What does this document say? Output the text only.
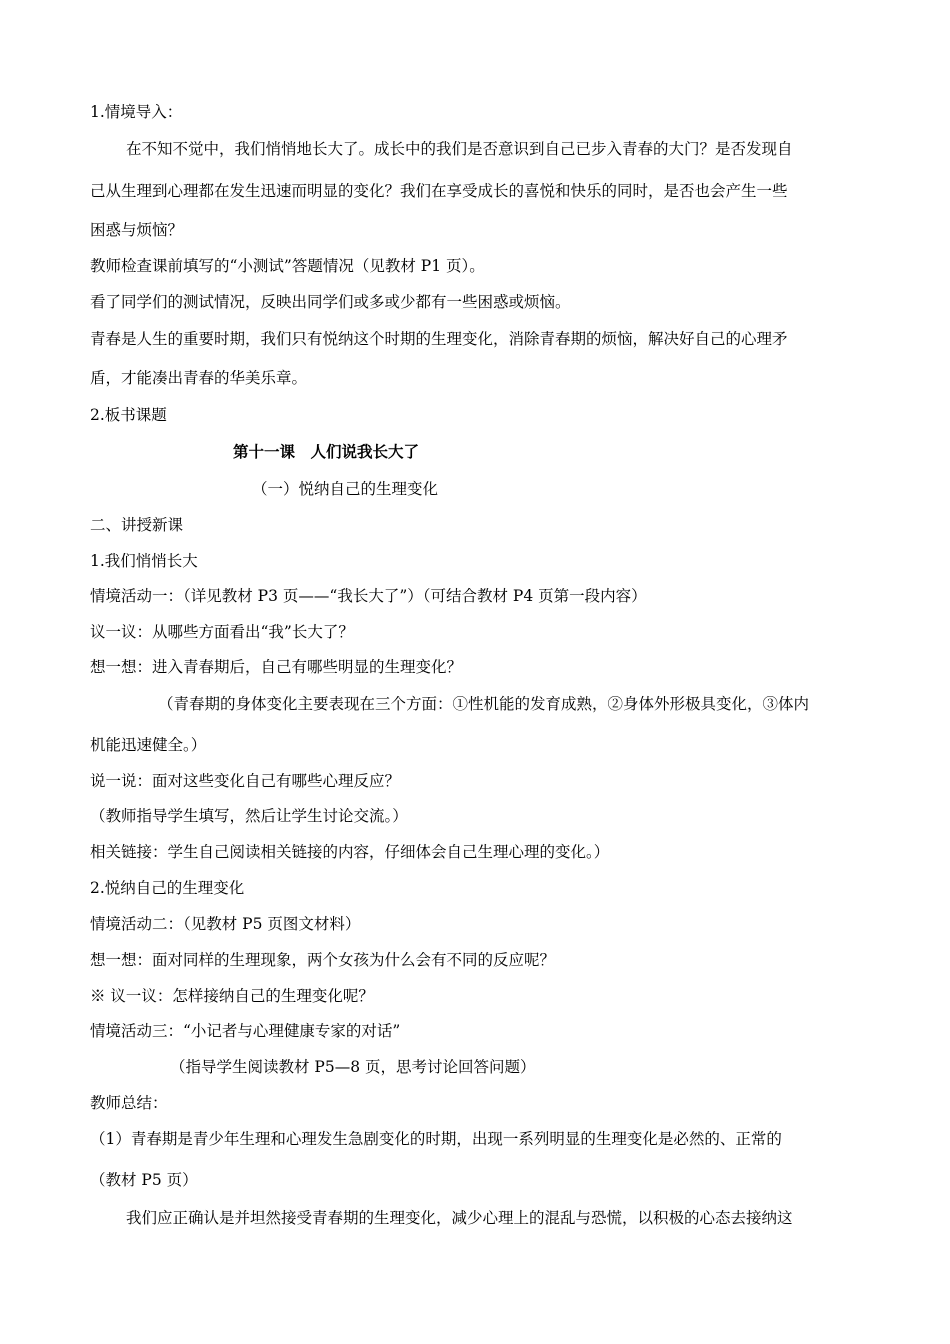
1.情境导入：
在不知不觉中，我们悄悄地长大了。成长中的我们是否意识到自己已步入青春的大门？是否发现自
己从生理到心理都在发生迅速而明显的变化？我们在享受成长的喜悦和快乐的同时，是否也会产生一些
困惑与烦恼？
教师检查课前填写的“小测试”答题情况（见教材 P1 页）。
看了同学们的测试情况，反映出同学们或多或少都有一些困惑或烦恼。
青春是人生的重要时期，我们只有悦纳这个时期的生理变化，消除青春期的烦恼，解决好自己的心理矛
盾，才能凑出青春的华美乐章。
2.板书课题
第十一课　人们说我长大了
（一）悦纳自己的生理变化
二、讲授新课
1.我们悄悄长大
情境活动一：（详见教材 P3 页——“我长大了”）（可结合教材 P4 页第一段内容）
议一议：从哪些方面看出“我”长大了？
想一想：进入青春期后，自己有哪些明显的生理变化？
（青春期的身体变化主要表现在三个方面：①性机能的发育成熟，②身体外形极具变化，③体内
机能迅速健全。）
说一说：面对这些变化自己有哪些心理反应？
（教师指导学生填写，然后让学生讨论交流。）
相关链接：学生自己阅读相关链接的内容，仔细体会自己生理心理的变化。）
2.悦纳自己的生理变化
情境活动二：（见教材 P5 页图文材料）
想一想：面对同样的生理现象，两个女孩为什么会有不同的反应呢？
※ 议一议：怎样接纳自己的生理变化呢？
情境活动三：“小记者与心理健康专家的对话”
（指导学生阅读教材 P5—8 页，思考讨论回答问题）
教师总结：
（1）青春期是青少年生理和心理发生急剧变化的时期，出现一系列明显的生理变化是必然的、正常的
（教材 P5 页）
我们应正确认是并坦然接受青春期的生理变化，减少心理上的混乱与恐慌，以积极的心态去接纳这
